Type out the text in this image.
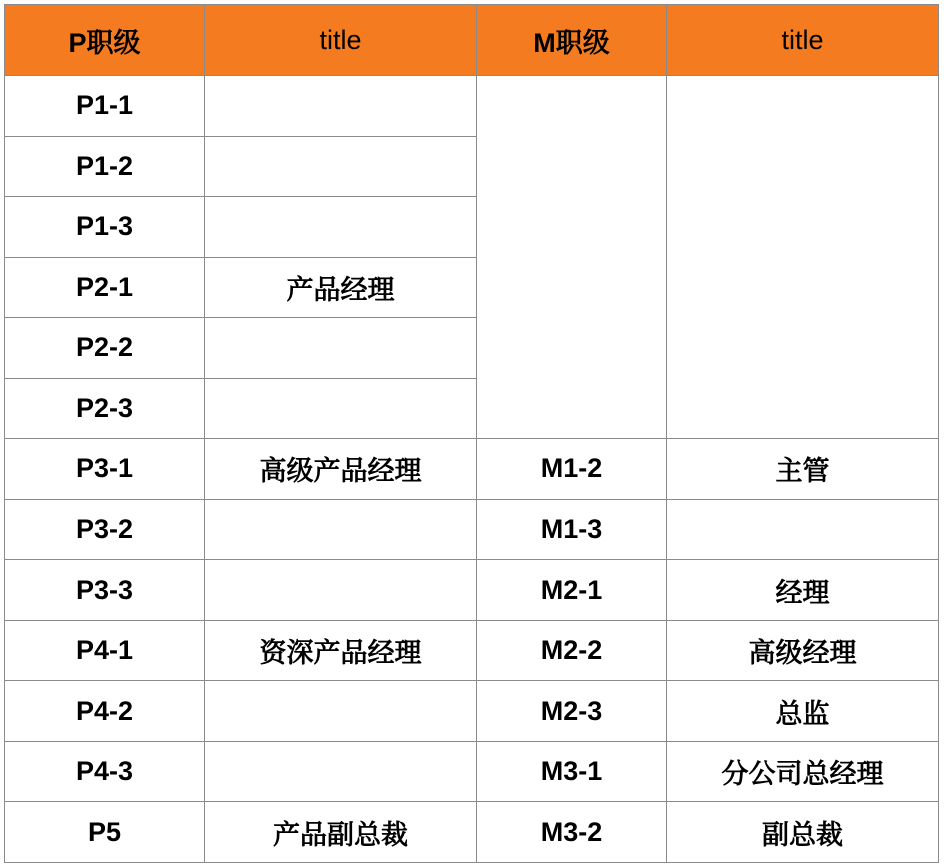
P职级	title	M职级	title
P1-1			
P1-2			
P1-3			
P2-1	产品经理		
P2-2			
P2-3			
P3-1	高级产品经理	M1-2	主管
P3-2		M1-3	
P3-3		M2-1	经理
P4-1	资深产品经理	M2-2	高级经理
P4-2		M2-3	总监
P4-3		M3-1	分公司总经理
P5	产品副总裁	M3-2	副总裁
